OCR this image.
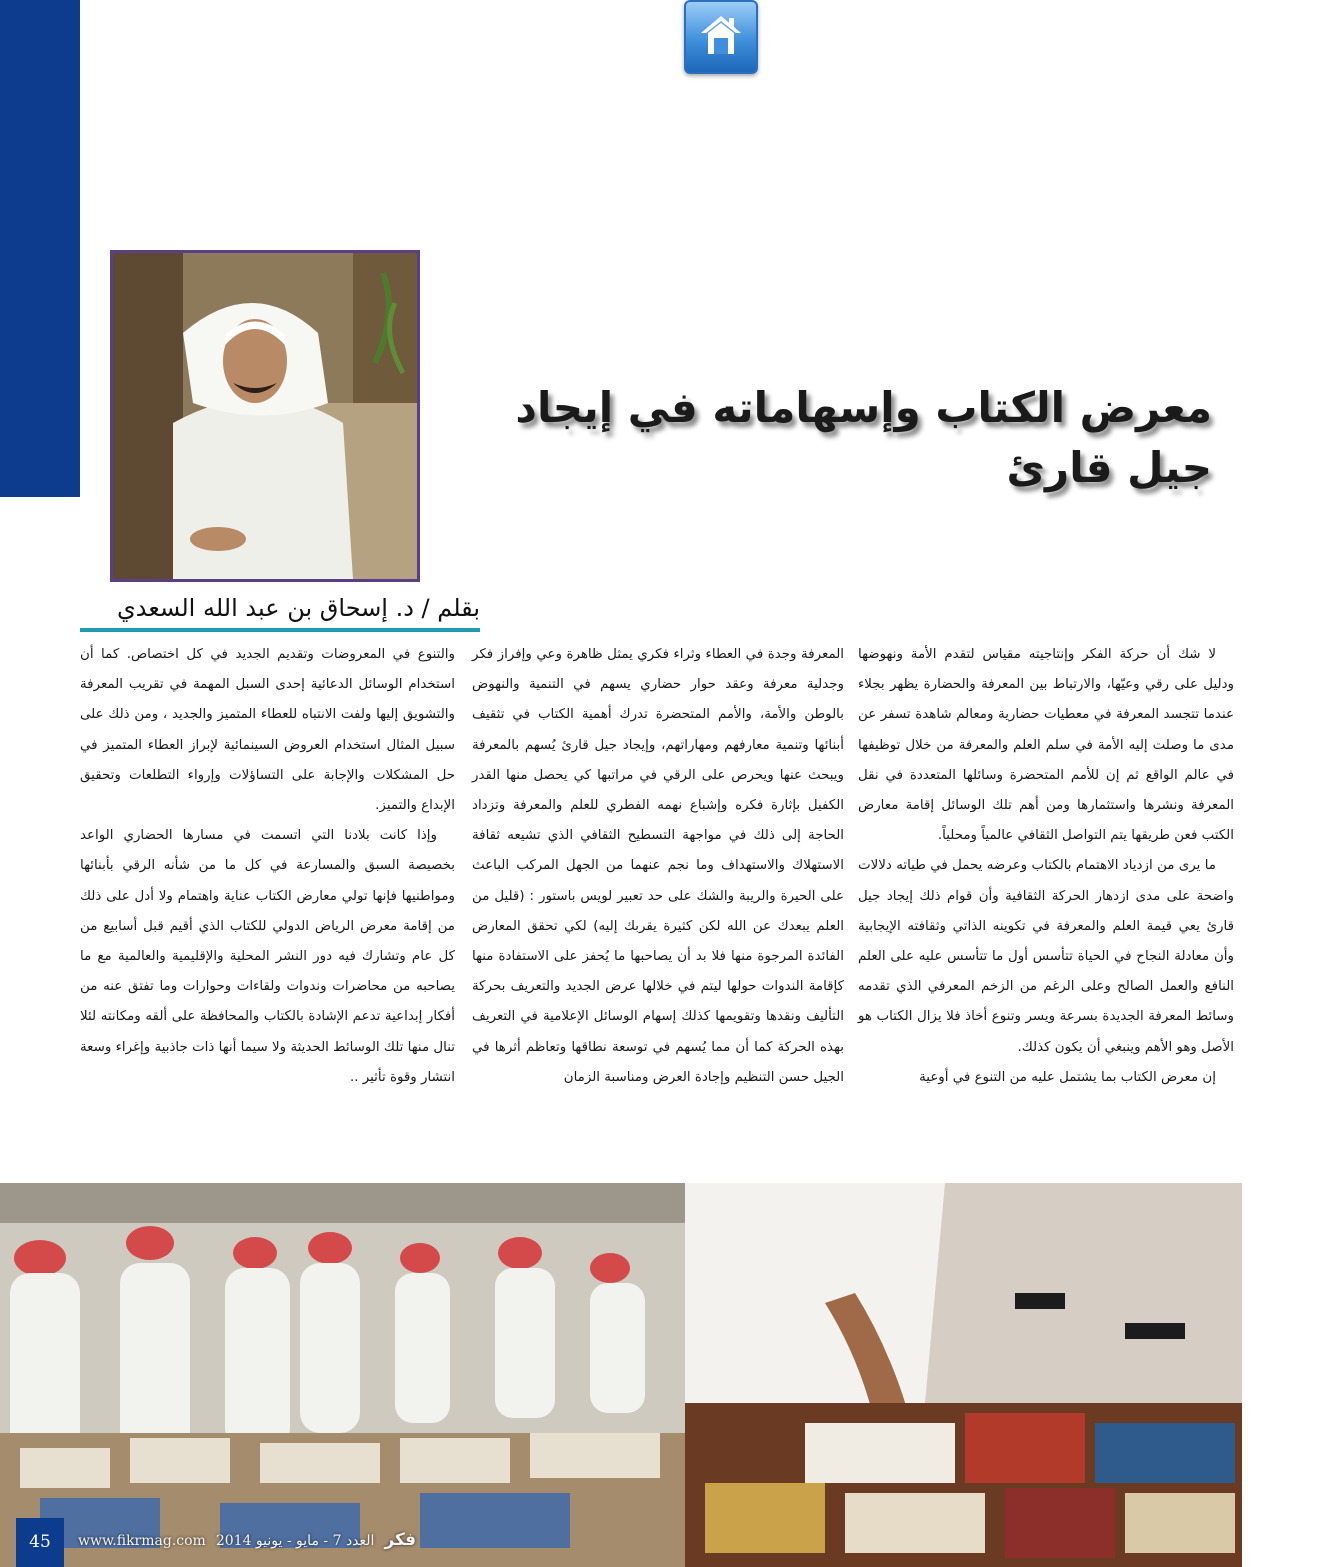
معرض الكتاب وإسهاماته في إيجاد جيل قارئ
بقلم / د. إسحاق بن عبد الله السعدي

لا شك أن حركة الفكر وإنتاجيته مقياس لتقدم الأمة ونهوضها ودليل على رقي وعيّها، والارتباط بين المعرفة والحضارة يظهر بجلاء عندما تتجسد المعرفة في معطيات حضارية ومعالم شاهدة تسفر عن مدى ما وصلت إليه الأمة في سلم العلم والمعرفة من خلال توظيفها في عالم الواقع ثم إن للأمم المتحضرة وسائلها المتعددة في نقل المعرفة ونشرها واستثمارها ومن أهم تلك الوسائل إقامة معارض الكتب فعن طريقها يتم التواصل الثقافي عالمياً ومحلياً.

ما يرى من ازدياد الاهتمام بالكتاب وعرضه يحمل في طياته دلالات واضحة على مدى ازدهار الحركة الثقافية وأن قوام ذلك إيجاد جيل قارئ يعي قيمة العلم والمعرفة في تكوينه الذاتي وثقافته الإيجابية وأن معادلة النجاح في الحياة تتأسس أول ما تتأسس عليه على العلم النافع والعمل الصالح وعلى الرغم من الزخم المعرفي الذي تقدمه وسائط المعرفة الجديدة بسرعة ويسر وتنوع أخاذ فلا يزال الكتاب هو الأصل وهو الأهم وينبغي أن يكون كذلك.

إن معرض الكتاب بما يشتمل عليه من التنوع في أوعية

المعرفة وجدة في العطاء وثراء فكري يمثل ظاهرة وعي وإفراز فكر وجدلية معرفة وعقد حوار حضاري يسهم في التنمية والنهوض بالوطن والأمة، والأمم المتحضرة تدرك أهمية الكتاب في تثقيف أبنائها وتنمية معارفهم ومهاراتهم، وإيجاد جيل قارئ يُسهم بالمعرفة ويبحث عنها ويحرص على الرقي في مراتبها كي يحصل منها القدر الكفيل بإثارة فكره وإشباع نهمه الفطري للعلم والمعرفة وتزداد الحاجة إلى ذلك في مواجهة التسطيح الثقافي الذي تشيعه ثقافة الاستهلاك والاستهداف وما نجم عنهما من الجهل المركب الباعث على الحيرة والريبة والشك على حد تعبير لويس باستور : (قليل من العلم يبعدك عن الله لكن كثيرة يقربك إليه) لكي تحقق المعارض الفائدة المرجوة منها فلا بد أن يصاحبها ما يُحفز على الاستفادة منها كإقامة الندوات حولها ليتم في خلالها عرض الجديد والتعريف بحركة التأليف ونقدها وتقويمها كذلك إسهام الوسائل الإعلامية في التعريف بهذه الحركة كما أن مما يُسهم في توسعة نطاقها وتعاظم أثرها في الجيل حسن التنظيم وإجادة العرض ومناسبة الزمان

والتنوع في المعروضات وتقديم الجديد في كل اختصاص. كما أن استخدام الوسائل الدعائية إحدى السبل المهمة في تقريب المعرفة والتشويق إليها ولفت الانتباه للعطاء المتميز والجديد ، ومن ذلك على سبيل المثال استخدام العروض السينمائية لإبراز العطاء المتميز في حل المشكلات والإجابة على التساؤلات وإرواء التطلعات وتحقيق الإبداع والتميز.

وإذا كانت بلادنا التي اتسمت في مسارها الحضاري الواعد بخصيصة السبق والمسارعة في كل ما من شأنه الرقي بأبنائها ومواطنيها فإنها تولي معارض الكتاب عناية واهتمام ولا أدل على ذلك من إقامة معرض الرياض الدولي للكتاب الذي أقيم قبل أسابيع من كل عام وتشارك فيه دور النشر المحلية والإقليمية والعالمية مع ما يصاحبه من محاضرات وندوات ولقاءات وحوارات وما تفتق عنه من أفكار إبداعية تدعم الإشادة بالكتاب والمحافظة على ألقه ومكانته لئلا تنال منها تلك الوسائط الحديثة ولا سيما أنها ذات جاذبية وإغراء وسعة انتشار وقوة تأثير ..

45	www.fikrmag.com العدد 7 - مايو - يونيو 2014 فكر
